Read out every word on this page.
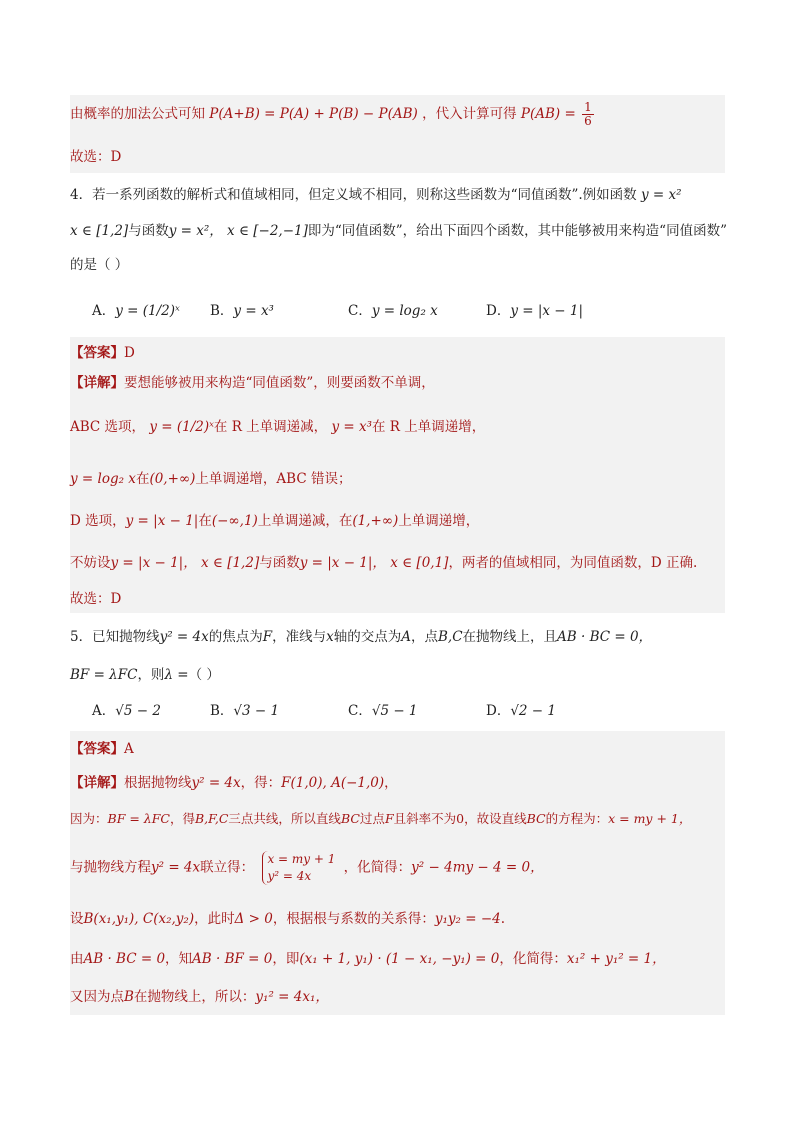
由概率的加法公式可知 P(A+B) = P(A) + P(B) − P(AB) ，代入计算可得 $P(AB) = \frac{1}{6}$
故选：D
4．若一系列函数的解析式和值域相同，但定义域不相同，则称这些函数为“同值函数”.例如函数 y = x²
x ∈ [1,2]与函数y = x²， x ∈ [−2,−1]即为“同值函数”，给出下面四个函数，其中能够被用来构造“同值函数”
的是（ ）
A．y = (1/2)ˣ B．y = x³	C．y = log₂ x	D．y = |x − 1|
【答案】D
【详解】要想能够被用来构造“同值函数”，则要函数不单调，
ABC 选项， y = (1/2)ˣ在 R 上单调递减， y = x³在 R 上单调递增，
y = log₂ x在(0,+∞)上单调递增，ABC 错误；
D 选项，y = |x − 1|在(−∞,1)上单调递减，在(1,+∞)上单调递增，
不妨设y = |x − 1|， x ∈ [1,2]与函数y = |x − 1|， x ∈ [0,1]，两者的值域相同，为同值函数，D 正确.
故选：D
5．已知抛物线y² = 4x的焦点为F，准线与x轴的交点为A，点B,C在抛物线上，且AB · BC = 0，
BF = λFC，则λ =（ ）
A．√5 − 2	B．√3 − 1	C．√5 − 1	D．√2 − 1
【答案】A
【详解】根据抛物线y² = 4x，得：F(1,0), A(−1,0)，
因为：BF = λFC，得B,F,C三点共线，所以直线BC过点F且斜率不为0，故设直线BC的方程为：x = my + 1，
与抛物线方程y² = 4x联立得：
x = my + 1
y² = 4x
，化简得：y² − 4my − 4 = 0，
设B(x₁,y₁), C(x₂,y₂)，此时Δ > 0，根据根与系数的关系得：y₁y₂ = −4.
由AB · BC = 0，知AB · BF = 0，即(x₁ + 1, y₁) · (1 − x₁, −y₁) = 0，化简得：x₁² + y₁² = 1，
又因为点B在抛物线上，所以：y₁² = 4x₁，
